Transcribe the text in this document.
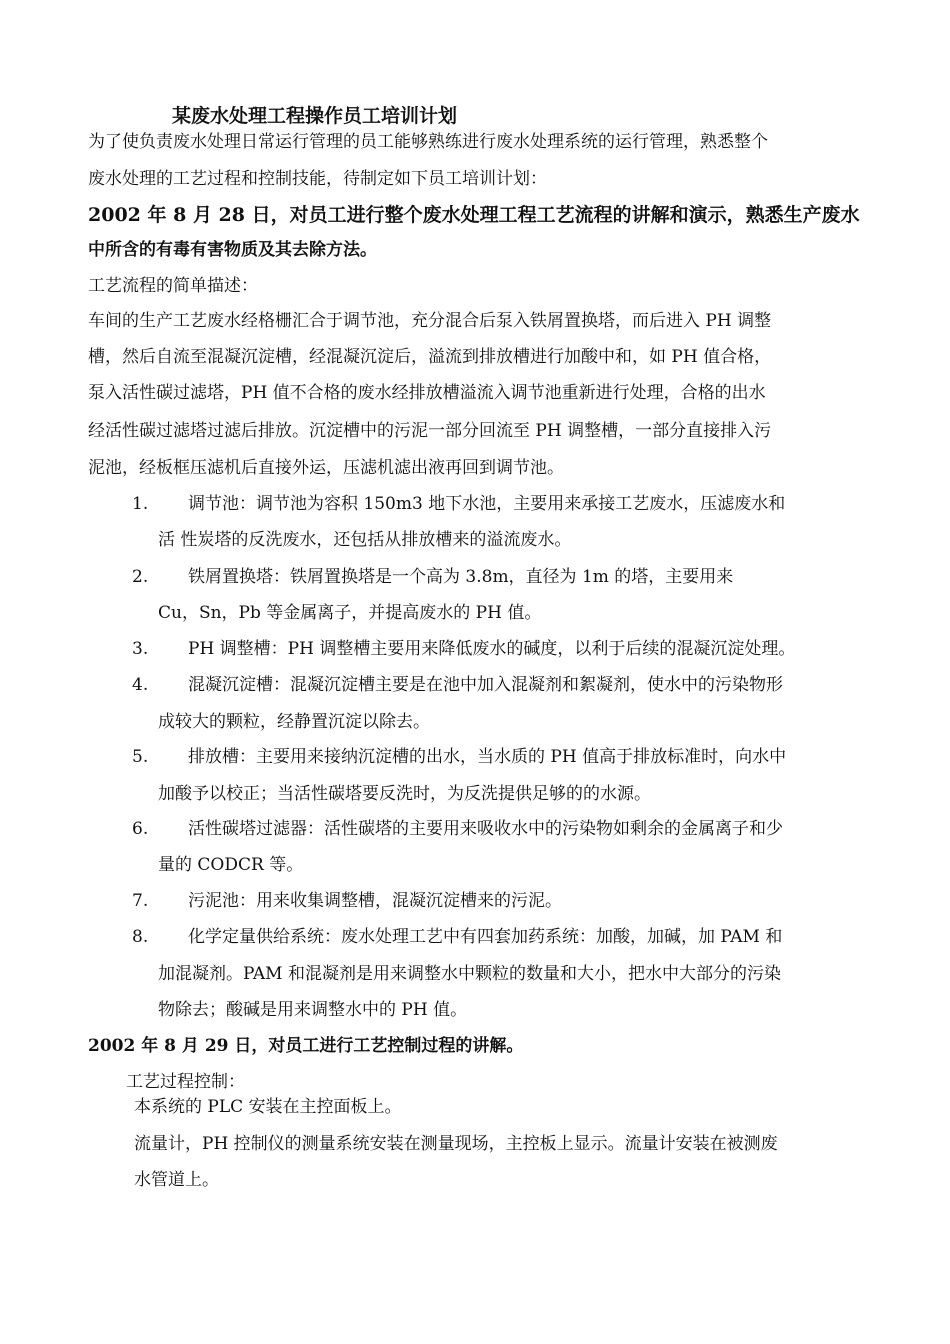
某废水处理工程操作员工培训计划
为了使负责废水处理日常运行管理的员工能够熟练进行废水处理系统的运行管理，熟悉整个
废水处理的工艺过程和控制技能，待制定如下员工培训计划：
2002 年 8 月 28 日，对员工进行整个废水处理工程工艺流程的讲解和演示，熟悉生产废水
中所含的有毒有害物质及其去除方法。
工艺流程的简单描述：
车间的生产工艺废水经格栅汇合于调节池，充分混合后泵入铁屑置换塔，而后进入 PH 调整
槽，然后自流至混凝沉淀槽，经混凝沉淀后，溢流到排放槽进行加酸中和，如 PH 值合格，
泵入活性碳过滤塔，PH 值不合格的废水经排放槽溢流入调节池重新进行处理，合格的出水
经活性碳过滤塔过滤后排放。沉淀槽中的污泥一部分回流至 PH 调整槽，一部分直接排入污
泥池，经板框压滤机后直接外运，压滤机滤出液再回到调节池。
1. 调节池：调节池为容积 150m3 地下水池，主要用来承接工艺废水，压滤废水和
活 性炭塔的反洗废水，还包括从排放槽来的溢流废水。
2. 铁屑置换塔：铁屑置换塔是一个高为 3.8m，直径为 1m 的塔，主要用来
Cu，Sn，Pb 等金属离子，并提高废水的 PH 值。
3. PH 调整槽：PH 调整槽主要用来降低废水的碱度，以利于后续的混凝沉淀处理。
4. 混凝沉淀槽：混凝沉淀槽主要是在池中加入混凝剂和絮凝剂，使水中的污染物形
成较大的颗粒，经静置沉淀以除去。
5. 排放槽：主要用来接纳沉淀槽的出水，当水质的 PH 值高于排放标准时，向水中
加酸予以校正；当活性碳塔要反洗时，为反洗提供足够的的水源。
6. 活性碳塔过滤器：活性碳塔的主要用来吸收水中的污染物如剩余的金属离子和少
量的 CODCR 等。
7. 污泥池：用来收集调整槽，混凝沉淀槽来的污泥。
8. 化学定量供给系统：废水处理工艺中有四套加药系统：加酸，加碱，加 PAM 和
加混凝剂。PAM 和混凝剂是用来调整水中颗粒的数量和大小，把水中大部分的污染
物除去；酸碱是用来调整水中的 PH 值。
2002 年 8 月 29 日，对员工进行工艺控制过程的讲解。
工艺过程控制：
本系统的 PLC 安装在主控面板上。
流量计，PH 控制仪的测量系统安装在测量现场，主控板上显示。流量计安装在被测废
水管道上。
